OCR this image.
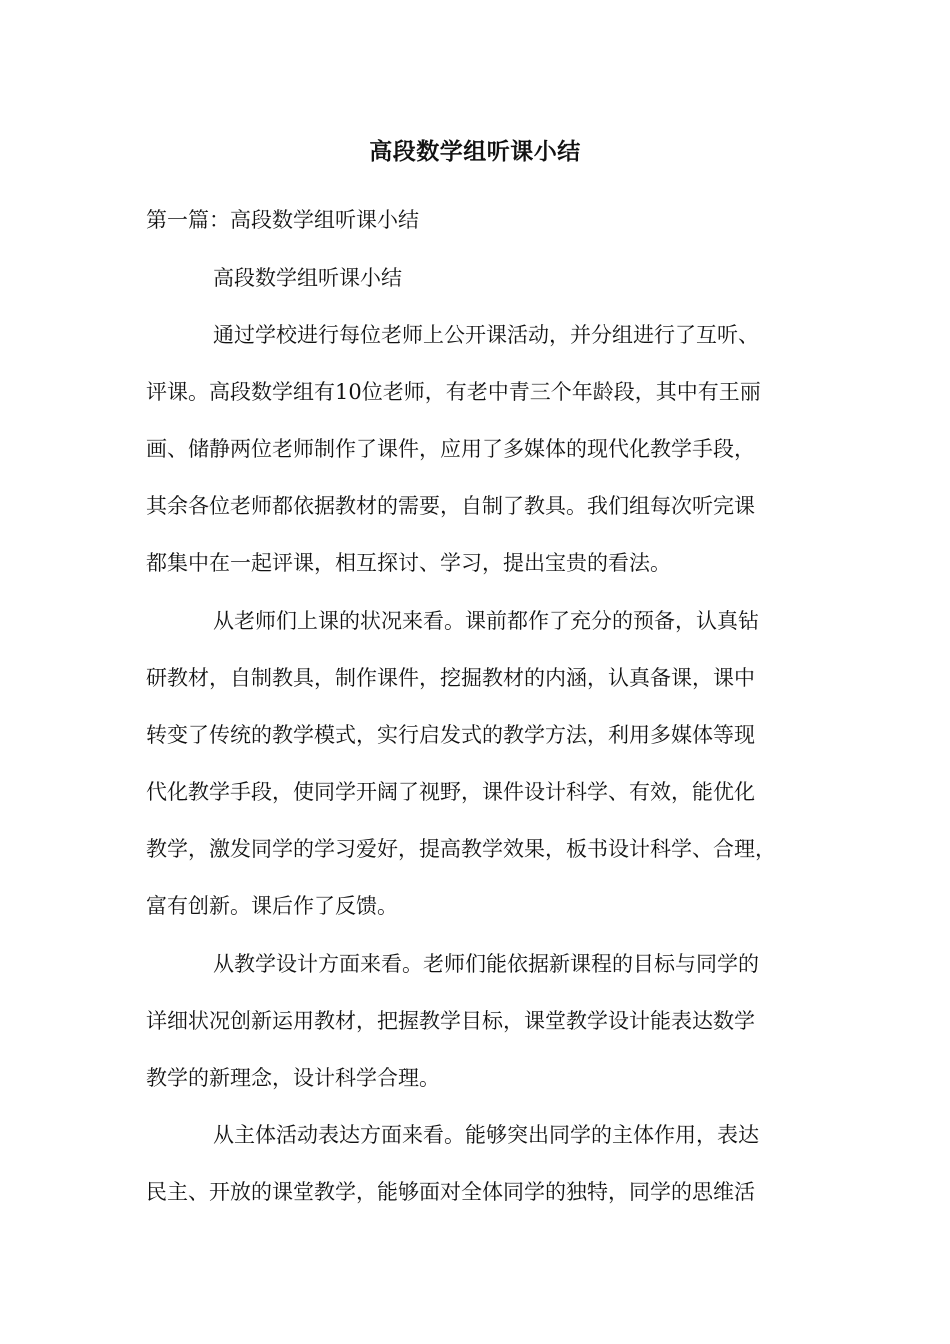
高段数学组听课小结
第一篇：高段数学组听课小结
高段数学组听课小结
通过学校进行每位老师上公开课活动，并分组进行了互听、
评课。高段数学组有10位老师，有老中青三个年龄段，其中有王丽
画、储静两位老师制作了课件，应用了多媒体的现代化教学手段，
其余各位老师都依据教材的需要，自制了教具。我们组每次听完课
都集中在一起评课，相互探讨、学习，提出宝贵的看法。
从老师们上课的状况来看。课前都作了充分的预备，认真钻
研教材，自制教具，制作课件，挖掘教材的内涵，认真备课，课中
转变了传统的教学模式，实行启发式的教学方法，利用多媒体等现
代化教学手段，使同学开阔了视野，课件设计科学、有效，能优化
教学，激发同学的学习爱好，提高教学效果，板书设计科学、合理，
富有创新。课后作了反馈。
从教学设计方面来看。老师们能依据新课程的目标与同学的
详细状况创新运用教材，把握教学目标，课堂教学设计能表达数学
教学的新理念，设计科学合理。
从主体活动表达方面来看。能够突出同学的主体作用，表达
民主、开放的课堂教学，能够面对全体同学的独特，同学的思维活
